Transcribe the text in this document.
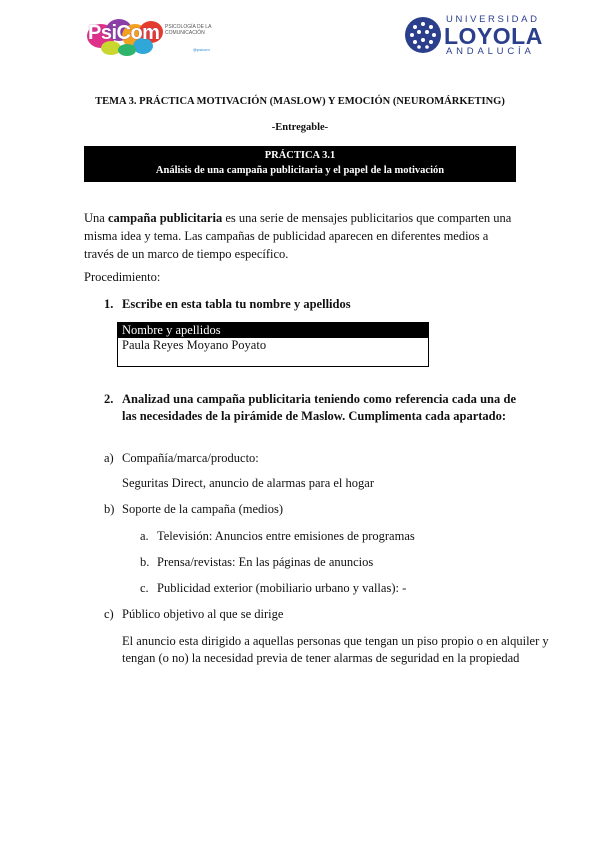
PsiCom PSICOLOGÍA DE LA COMUNICACIÓN
@psicom
UNIVERSIDAD
LOYOLA
ANDALUCÍA
TEMA 3. PRÁCTICA MOTIVACIÓN (MASLOW) Y EMOCIÓN (NEUROMÁRKETING)
-Entregable-
PRÁCTICA 3.1
Análisis de una campaña publicitaria y el papel de la motivación
Una campaña publicitaria es una serie de mensajes publicitarios que comparten una misma idea y tema. Las campañas de publicidad aparecen en diferentes medios a través de un marco de tiempo específico.
Procedimiento:
1. Escribe en esta tabla tu nombre y apellidos
Nombre y apellidos
Paula Reyes Moyano Poyato
2. Analizad una campaña publicitaria teniendo como referencia cada una de las necesidades de la pirámide de Maslow. Cumplimenta cada apartado:
a) Compañía/marca/producto:
Seguritas Direct, anuncio de alarmas para el hogar
b) Soporte de la campaña (medios)
a. Televisión: Anuncios entre emisiones de programas
b. Prensa/revistas: En las páginas de anuncios
c. Publicidad exterior (mobiliario urbano y vallas): -
c) Público objetivo al que se dirige
El anuncio esta dirigido a aquellas personas que tengan un piso propio o en alquiler y tengan (o no) la necesidad previa de tener alarmas de seguridad en la propiedad
